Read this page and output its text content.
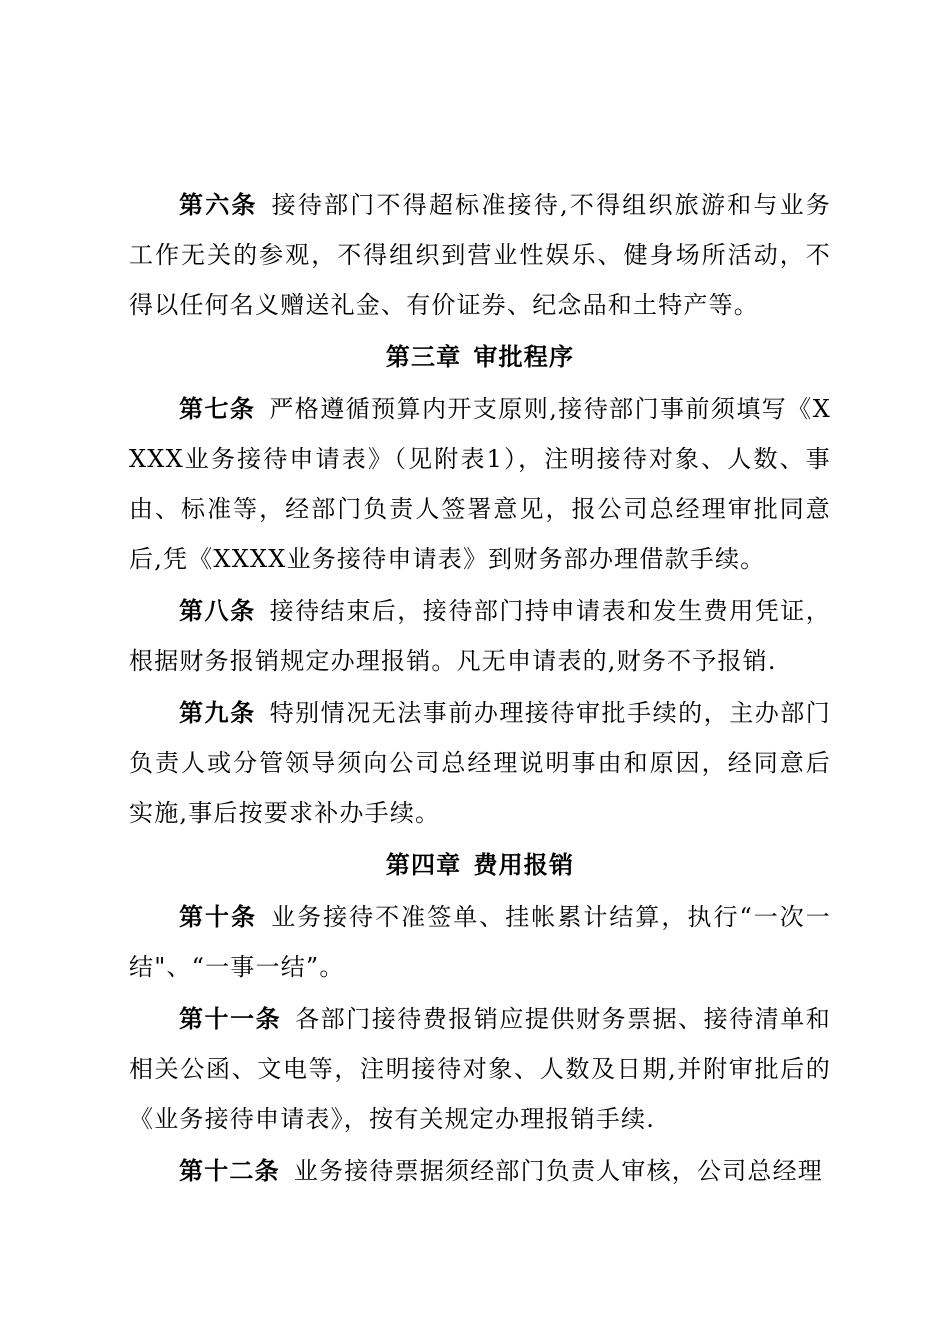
第六条 接待部门不得超标准接待,不得组织旅游和与业务工作无关的参观，不得组织到营业性娱乐、健身场所活动，不得以任何名义赠送礼金、有价证券、纪念品和土特产等。

第三章 审批程序

第七条 严格遵循预算内开支原则,接待部门事前须填写《XXXX业务接待申请表》（见附表1），注明接待对象、人数、事由、标准等，经部门负责人签署意见，报公司总经理审批同意后,凭《XXXX业务接待申请表》到财务部办理借款手续。

第八条 接待结束后，接待部门持申请表和发生费用凭证，根据财务报销规定办理报销。凡无申请表的,财务不予报销.

第九条 特别情况无法事前办理接待审批手续的，主办部门负责人或分管领导须向公司总经理说明事由和原因，经同意后实施,事后按要求补办手续。

第四章 费用报销

第十条 业务接待不准签单、挂帐累计结算，执行“一次一结"、“一事一结”。

第十一条 各部门接待费报销应提供财务票据、接待清单和相关公函、文电等，注明接待对象、人数及日期,并附审批后的《业务接待申请表》，按有关规定办理报销手续.

第十二条 业务接待票据须经部门负责人审核，公司总经理
